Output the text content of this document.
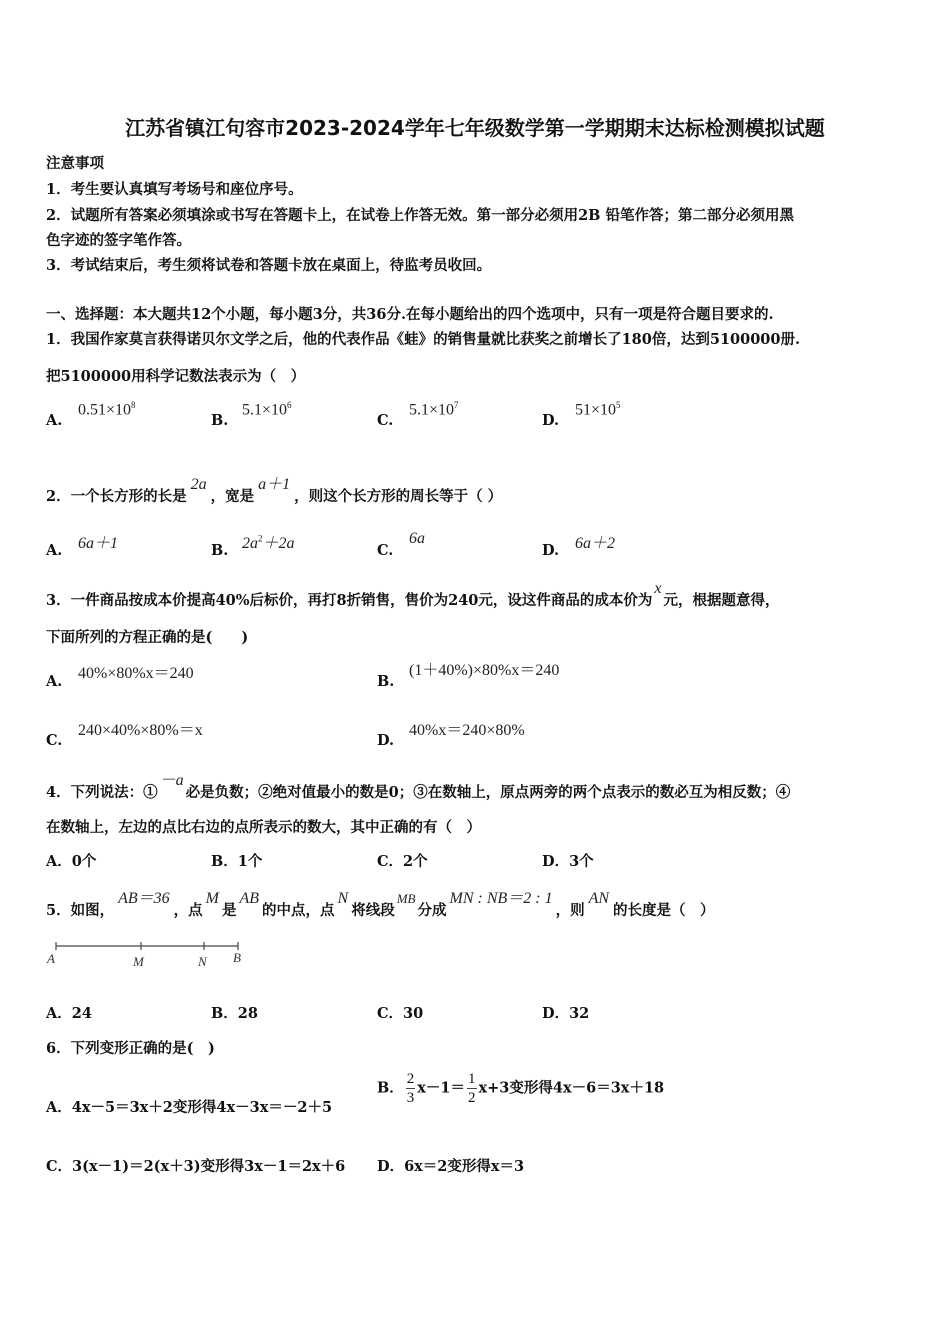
江苏省镇江句容市2023-2024学年七年级数学第一学期期末达标检测模拟试题
注意事项
1．考生要认真填写考场号和座位序号。
2．试题所有答案必须填涂或书写在答题卡上，在试卷上作答无效。第一部分必须用2B 铅笔作答；第二部分必须用黑
色字迹的签字笔作答。
3．考试结束后，考生须将试卷和答题卡放在桌面上，待监考员收回。
一、选择题：本大题共12个小题，每小题3分，共36分.在每小题给出的四个选项中，只有一项是符合题目要求的.
1．我国作家莫言获得诺贝尔文学之后，他的代表作品《蛙》的销售量就比获奖之前增长了180倍，达到5100000册.
把5100000用科学记数法表示为（　）
A.
$0.51\times 10^8$
B.
$5.1\times 10^6$
C.
$5.1\times 10^7$
D.
$51\times 10^5$
2．一个长方形的长是2a，宽是a＋1，则这个长方形的周长等于（ ）
A. 6a＋1	B. $2a^2+2a$	C.
6a
D. 6a＋2
3．一件商品按成本价提高40%后标价，再打8折销售，售价为240元，设这件商品的成本价为x元，根据题意得，
下面所列的方程正确的是(　　)
A. 40%×80%x＝240	B.
(1＋40%)×80%x＝240
C.
240×40%×80%＝x
D.
40%x＝240×80%
4．下列说法：①－a必是负数；②绝对值最小的数是0；③在数轴上，原点两旁的两个点表示的数必互为相反数；④
在数轴上，左边的点比右边的点所表示的数大，其中正确的有（　）
A．0个	B．1个	C．2个	D．3个
5．如图，AB＝36，点M是AB的中点，点N将线段MB分成MN : NB＝2 : 1，则AN的长度是（　）
A	M	N B
A．24	B．28	C．30	D．32
6．下列变形正确的是(　)
A．4x－5＝3x＋2变形得4x－3x＝－2＋5
B． $\frac{2}{3} x-1= \frac{1}{2} x+3$变形得4x－6＝3x＋18
C．3(x－1)＝2(x＋3)变形得3x－1＝2x＋6 D．6x＝2变形得x＝3
